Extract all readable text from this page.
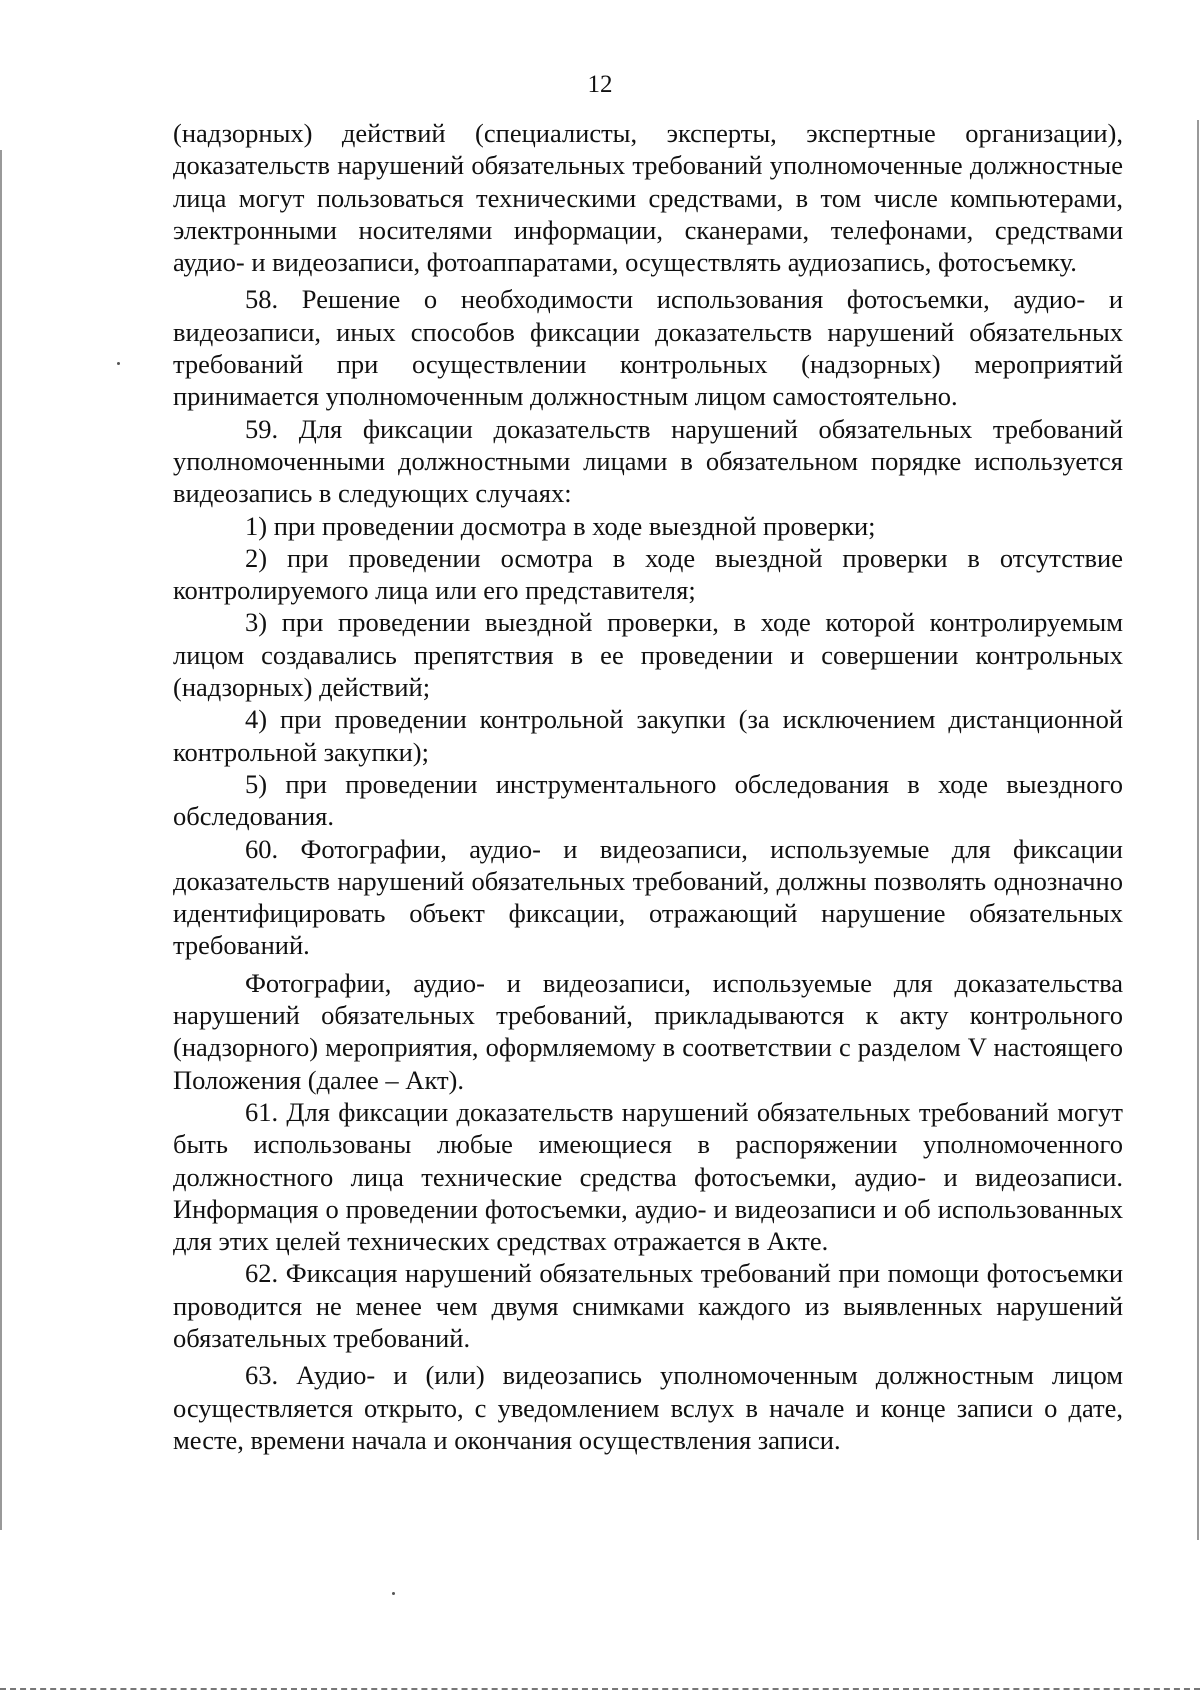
12

(надзорных) действий (специалисты, эксперты, экспертные организации), доказательств нарушений обязательных требований уполномоченные должностные лица могут пользоваться техническими средствами, в том числе компьютерами, электронными носителями информации, сканерами, телефонами, средствами аудио- и видеозаписи, фотоаппаратами, осуществлять аудиозапись, фотосъемку.

58. Решение о необходимости использования фотосъемки, аудио- и видеозаписи, иных способов фиксации доказательств нарушений обязательных требований при осуществлении контрольных (надзорных) мероприятий принимается уполномоченным должностным лицом самостоятельно.

59. Для фиксации доказательств нарушений обязательных требований уполномоченными должностными лицами в обязательном порядке используется видеозапись в следующих случаях:

1) при проведении досмотра в ходе выездной проверки;

2) при проведении осмотра в ходе выездной проверки в отсутствие контролируемого лица или его представителя;

3) при проведении выездной проверки, в ходе которой контролируемым лицом создавались препятствия в ее проведении и совершении контрольных (надзорных) действий;

4) при проведении контрольной закупки (за исключением дистанционной контрольной закупки);

5) при проведении инструментального обследования в ходе выездного обследования.

60. Фотографии, аудио- и видеозаписи, используемые для фиксации доказательств нарушений обязательных требований, должны позволять однозначно идентифицировать объект фиксации, отражающий нарушение обязательных требований.

Фотографии, аудио- и видеозаписи, используемые для доказательства нарушений обязательных требований, прикладываются к акту контрольного (надзорного) мероприятия, оформляемому в соответствии с разделом V настоящего Положения (далее – Акт).

61. Для фиксации доказательств нарушений обязательных требований могут быть использованы любые имеющиеся в распоряжении уполномоченного должностного лица технические средства фотосъемки, аудио- и видеозаписи. Информация о проведении фотосъемки, аудио- и видеозаписи и об использованных для этих целей технических средствах отражается в Акте.

62. Фиксация нарушений обязательных требований при помощи фотосъемки проводится не менее чем двумя снимками каждого из выявленных нарушений обязательных требований.

63. Аудио- и (или) видеозапись уполномоченным должностным лицом осуществляется открыто, с уведомлением вслух в начале и конце записи о дате, месте, времени начала и окончания осуществления записи.
